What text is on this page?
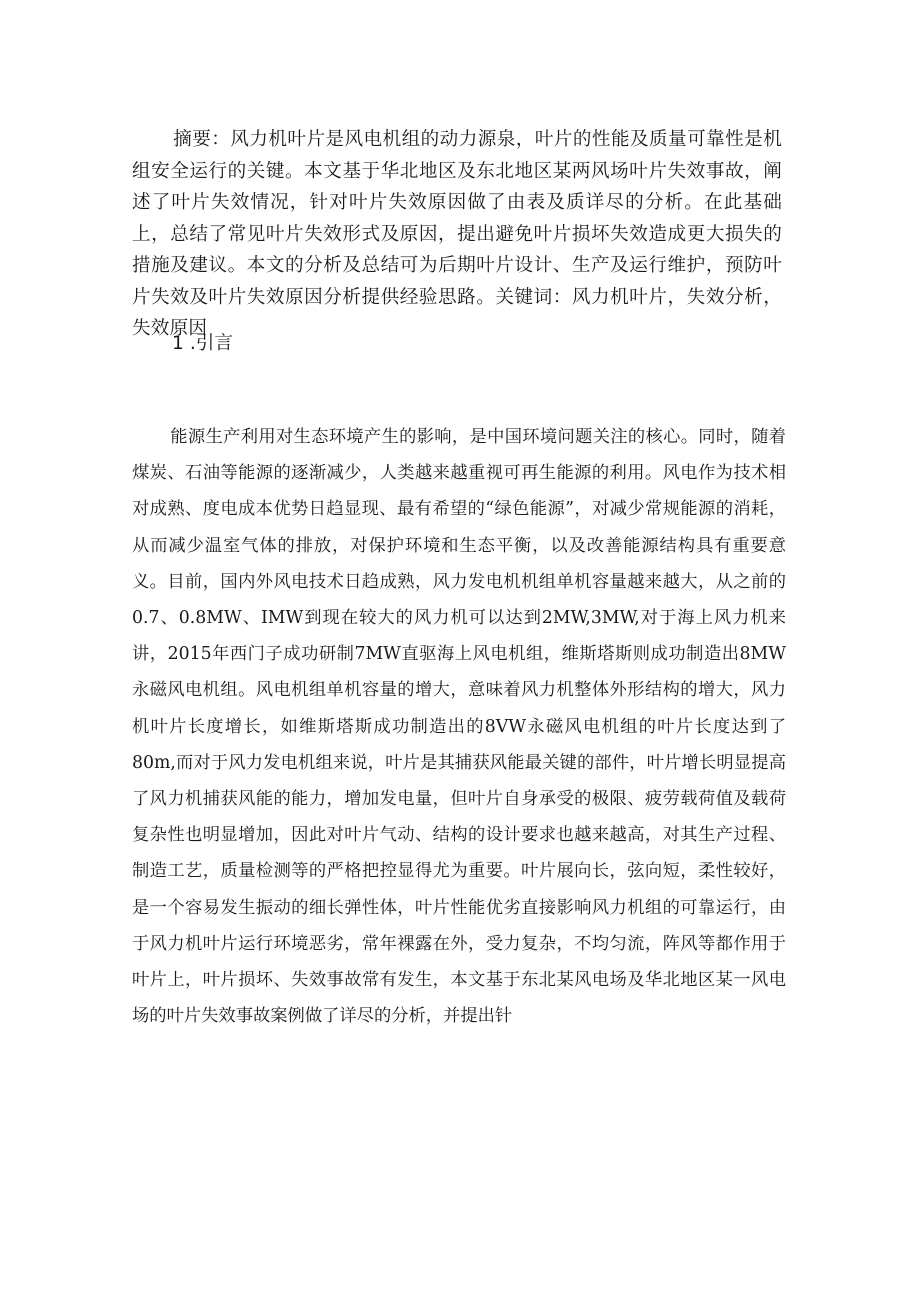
摘要：风力机叶片是风电机组的动力源泉，叶片的性能及质量可靠性是机组安全运行的关键。本文基于华北地区及东北地区某两风场叶片失效事故，阐述了叶片失效情况，针对叶片失效原因做了由表及质详尽的分析。在此基础上，总结了常见叶片失效形式及原因，提出避免叶片损坏失效造成更大损失的措施及建议。本文的分析及总结可为后期叶片设计、生产及运行维护，预防叶片失效及叶片失效原因分析提供经验思路。关键词：风力机叶片，失效分析，失效原因

1 .引言

能源生产利用对生态环境产生的影响，是中国环境问题关注的核心。同时，随着煤炭、石油等能源的逐渐减少，人类越来越重视可再生能源的利用。风电作为技术相对成熟、度电成本优势日趋显现、最有希望的“绿色能源”，对减少常规能源的消耗，从而减少温室气体的排放，对保护环境和生态平衡，以及改善能源结构具有重要意义。目前，国内外风电技术日趋成熟，风力发电机机组单机容量越来越大，从之前的0.7、0.8MW、IMW到现在较大的风力机可以达到2MW,3MW,对于海上风力机来讲，2015年西门子成功研制7MW直驱海上风电机组，维斯塔斯则成功制造出8MW永磁风电机组。风电机组单机容量的增大，意味着风力机整体外形结构的增大，风力机叶片长度增长，如维斯塔斯成功制造出的8VW永磁风电机组的叶片长度达到了80m,而对于风力发电机组来说，叶片是其捕获风能最关键的部件，叶片增长明显提高了风力机捕获风能的能力，增加发电量，但叶片自身承受的极限、疲劳载荷值及载荷复杂性也明显增加，因此对叶片气动、结构的设计要求也越来越高，对其生产过程、制造工艺，质量检测等的严格把控显得尤为重要。叶片展向长，弦向短，柔性较好，是一个容易发生振动的细长弹性体，叶片性能优劣直接影响风力机组的可靠运行，由于风力机叶片运行环境恶劣，常年裸露在外，受力复杂，不均匀流，阵风等都作用于叶片上，叶片损坏、失效事故常有发生，本文基于东北某风电场及华北地区某一风电场的叶片失效事故案例做了详尽的分析，并提出针
